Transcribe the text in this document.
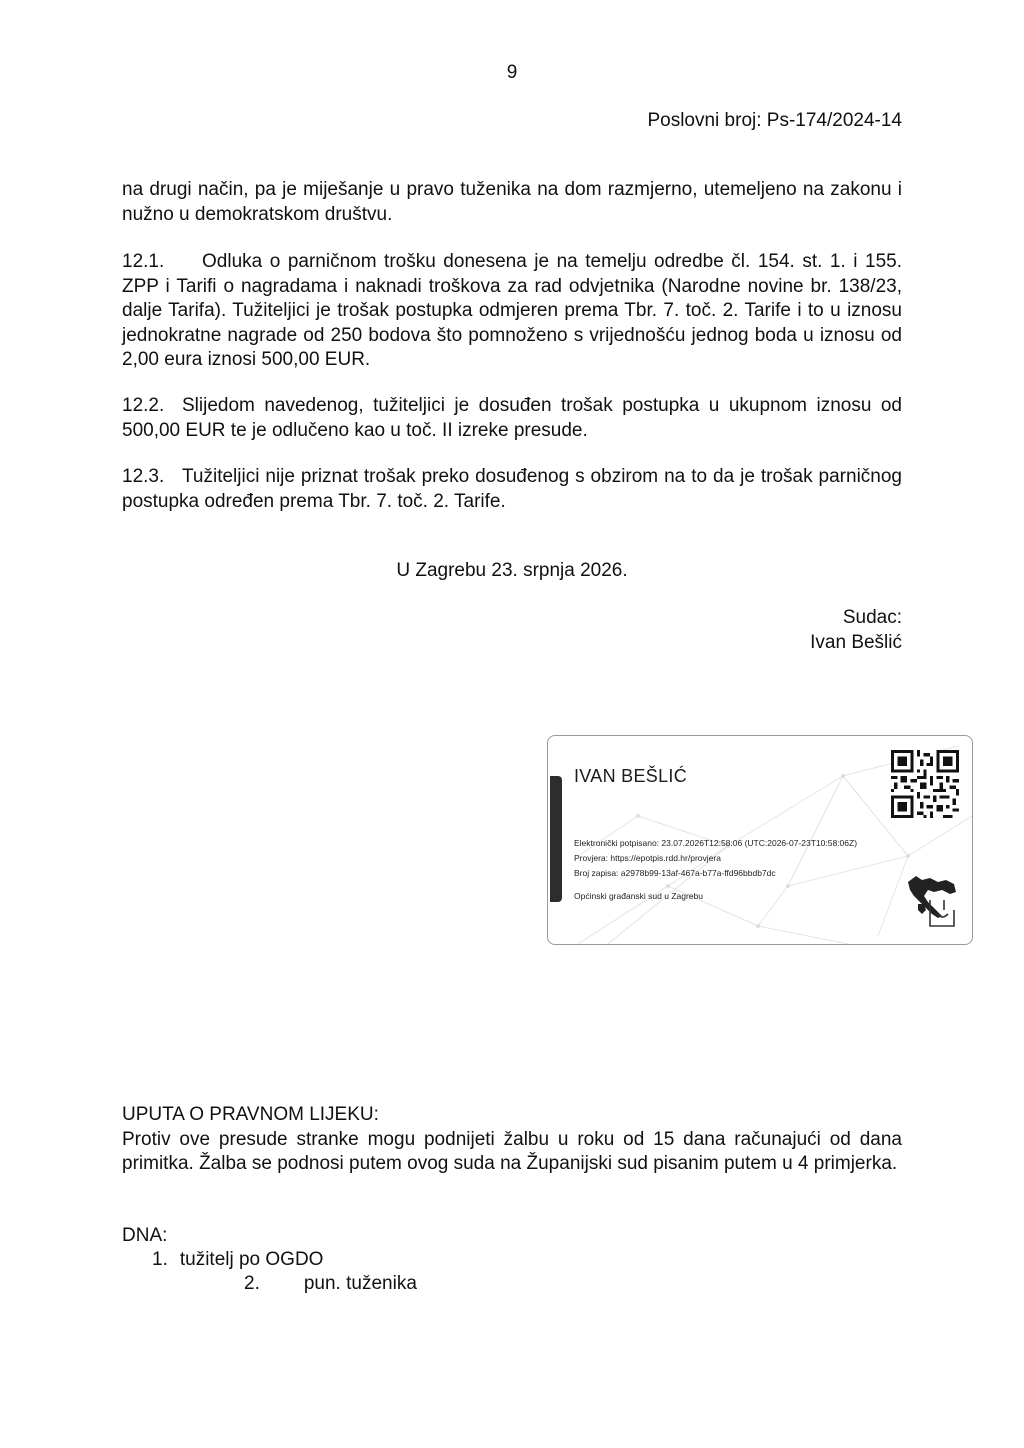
9
Poslovni broj: Ps-174/2024-14

na drugi način, pa je miješanje u pravo tuženika na dom razmjerno, utemeljeno na zakonu i nužno u demokratskom društvu.

12.1. Odluka o parničnom trošku donesena je na temelju odredbe čl. 154. st. 1. i 155. ZPP i Tarifi o nagradama i naknadi troškova za rad odvjetnika (Narodne novine br. 138/23, dalje Tarifa). Tužiteljici je trošak postupka odmjeren prema Tbr. 7. toč. 2. Tarife i to u iznosu jednokratne nagrade od 250 bodova što pomnoženo s vrijednošću jednog boda u iznosu od 2,00 eura iznosi 500,00 EUR.

12.2. Slijedom navedenog, tužiteljici je dosuđen trošak postupka u ukupnom iznosu od 500,00 EUR te je odlučeno kao u toč. II izreke presude.

12.3. Tužiteljici nije priznat trošak preko dosuđenog s obzirom na to da je trošak parničnog postupka određen prema Tbr. 7. toč. 2. Tarife.

U Zagrebu 23. srpnja 2026.
Sudac:
Ivan Bešlić
IVAN BEŠLIĆ
Elektronički potpisano: 23.07.2026T12:58:06 (UTC:2026-07-23T10:58:06Z)
Provjera: https://epotpis.rdd.hr/provjera
Broj zapisa: a2978b99-13af-467a-b77a-ffd96bbdb7dc
Općinski građanski sud u Zagrebu
UPUTA O PRAVNOM LIJEKU:

Protiv ove presude stranke mogu podnijeti žalbu u roku od 15 dana računajući od dana primitka. Žalba se podnosi putem ovog suda na Županijski sud pisanim putem u 4 primjerka.

DNA:
1. tužitelj po OGDO
2. pun. tuženika
